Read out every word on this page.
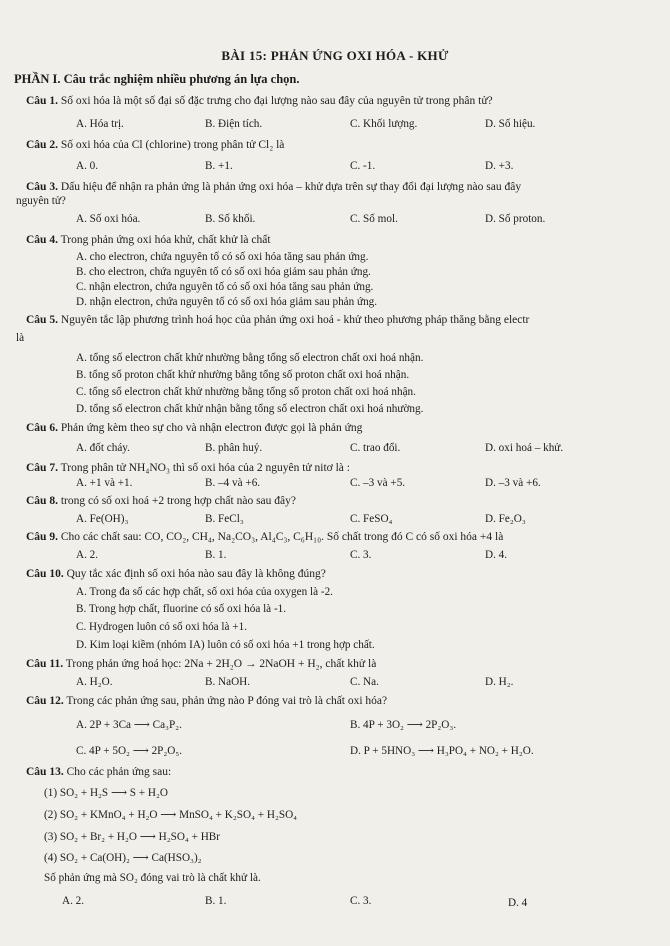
BÀI 15: PHẢN ỨNG OXI HÓA - KHỬ
PHẦN I. Câu trắc nghiệm nhiều phương án lựa chọn.
Câu 1. Số oxi hóa là một số đại số đặc trưng cho đại lượng nào sau đây của nguyên tử trong phân tử?
A. Hóa trị.	B. Điện tích.	C. Khối lượng.	D. Số hiệu.
Câu 2. Số oxi hóa của Cl (chlorine) trong phân tử Cl₂ là
A. 0.	B. +1.	C. -1.	D. +3.
Câu 3. Dấu hiệu để nhận ra phản ứng là phản ứng oxi hóa – khử dựa trên sự thay đổi đại lượng nào sau đây
nguyên tử?
A. Số oxi hóa.	B. Số khối.	C. Số mol.	D. Số proton.
Câu 4. Trong phản ứng oxi hóa khử, chất khử là chất
A. cho electron, chứa nguyên tố có số oxi hóa tăng sau phản ứng.
B. cho electron, chứa nguyên tố có số oxi hóa giảm sau phản ứng.
C. nhận electron, chứa nguyên tố có số oxi hóa tăng sau phản ứng.
D. nhận electron, chứa nguyên tố có số oxi hóa giảm sau phản ứng.
Câu 5. Nguyên tắc lập phương trình hoá học của phản ứng oxi hoá - khử theo phương pháp thăng bằng electr
là
A. tổng số electron chất khử nhường bằng tổng số electron chất oxi hoá nhận.
B. tổng số proton chất khử nhường bằng tổng số proton chất oxi hoá nhận.
C. tổng số electron chất khử nhường bằng tổng số proton chất oxi hoá nhận.
D. tổng số electron chất khử nhận bằng tổng số electron chất oxi hoá nhường.
Câu 6. Phản ứng kèm theo sự cho và nhận electron được gọi là phản ứng
A. đốt cháy.	B. phân huỷ.	C. trao đổi.	D. oxi hoá – khử.
Câu 7. Trong phân tử NH₄NO₃ thì số oxi hóa của 2 nguyên tử nitơ là :
A. +1 và +1.	B. –4 và +6.	C. –3 và +5.	D. –3 và +6.
Câu 8. trong có số oxi hoá +2 trong hợp chất nào sau đây?
A. Fe(OH)₃	B. FeCl₃	C. FeSO₄	D. Fe₂O₃
Câu 9. Cho các chất sau: CO, CO₂, CH₄, Na₂CO₃, Al₄C₃, C₆H₁₀. Số chất trong đó C có số oxi hóa +4 là
A. 2.	B. 1.	C. 3.	D. 4.
Câu 10. Quy tắc xác định số oxi hóa nào sau đây là không đúng?
A. Trong đa số các hợp chất, số oxi hóa của oxygen là -2.
B. Trong hợp chất, fluorine có số oxi hóa là -1.
C. Hydrogen luôn có số oxi hóa là +1.
D. Kim loại kiềm (nhóm IA) luôn có số oxi hóa +1 trong hợp chất.
Câu 11. Trong phản ứng hoá học: 2Na + 2H₂O → 2NaOH + H₂, chất khử là
A. H₂O.	B. NaOH.	C. Na.	D. H₂.
Câu 12. Trong các phản ứng sau, phản ứng nào P đóng vai trò là chất oxi hóa?
A. 2P + 3Ca ⟶ Ca₃P₂.	B. 4P + 3O₂ ⟶ 2P₂O₃.
C. 4P + 5O₂ ⟶ 2P₂O₅.	D. P + 5HNO₃ ⟶ H₃PO₄ + NO₂ + H₂O.
Câu 13. Cho các phản ứng sau:
(1) SO₂ + H₂S ⟶ S + H₂O
(2) SO₂ + KMnO₄ + H₂O ⟶ MnSO₄ + K₂SO₄ + H₂SO₄
(3) SO₂ + Br₂ + H₂O ⟶ H₂SO₄ + HBr
(4) SO₂ + Ca(OH)₂ ⟶ Ca(HSO₃)₂
Số phản ứng mà SO₂ đóng vai trò là chất khử là.
A. 2.	B. 1.	C. 3.	D. 4
